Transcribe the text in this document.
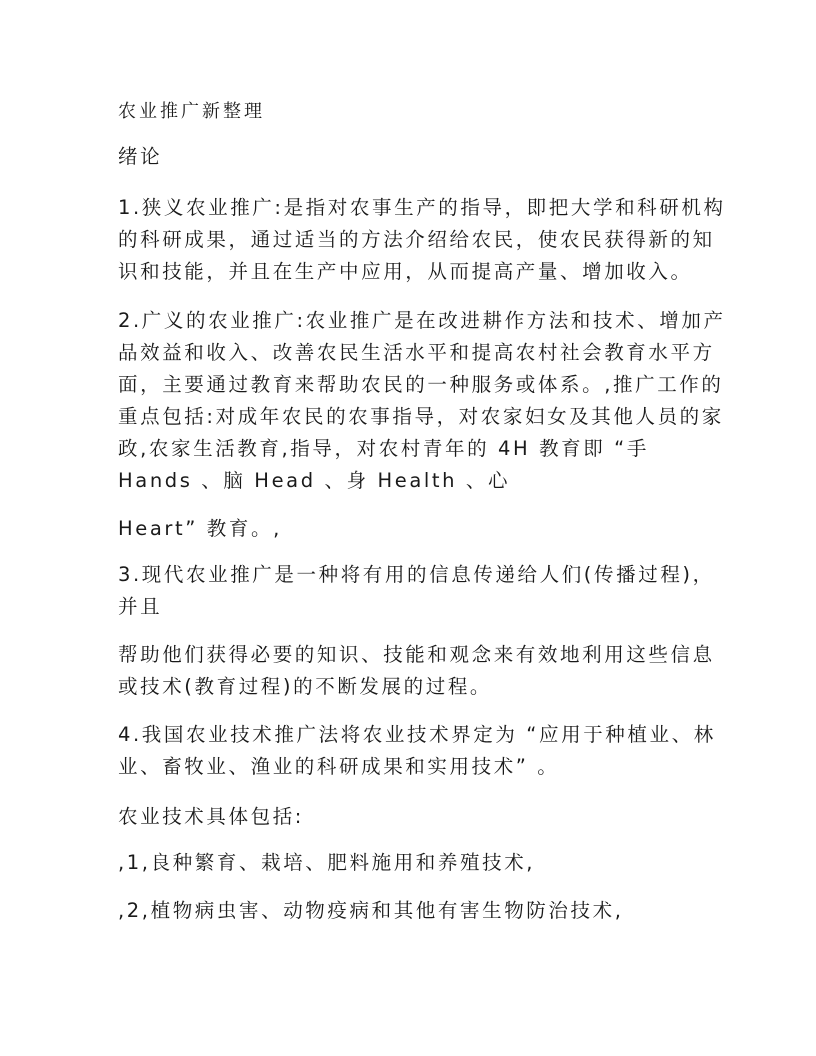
农业推广新整理
绪论
1.狭义农业推广:是指对农事生产的指导，即把大学和科研机构
的科研成果，通过适当的方法介绍给农民，使农民获得新的知
识和技能，并且在生产中应用，从而提高产量、增加收入。
2.广义的农业推广:农业推广是在改进耕作方法和技术、增加产
品效益和收入、改善农民生活水平和提高农村社会教育水平方
面，主要通过教育来帮助农民的一种服务或体系。,推广工作的
重点包括:对成年农民的农事指导，对农家妇女及其他人员的家
政,农家生活教育,指导，对农村青年的 4H 教育即 “手
Hands 、脑 Head 、身 Health 、心
Heart” 教育。,
3.现代农业推广是一种将有用的信息传递给人们(传播过程)，
并且
帮助他们获得必要的知识、技能和观念来有效地利用这些信息
或技术(教育过程)的不断发展的过程。
4.我国农业技术推广法将农业技术界定为 “应用于种植业、林
业、畜牧业、渔业的科研成果和实用技术” 。
农业技术具体包括:
,1,良种繁育、栽培、肥料施用和养殖技术,
,2,植物病虫害、动物疫病和其他有害生物防治技术,
